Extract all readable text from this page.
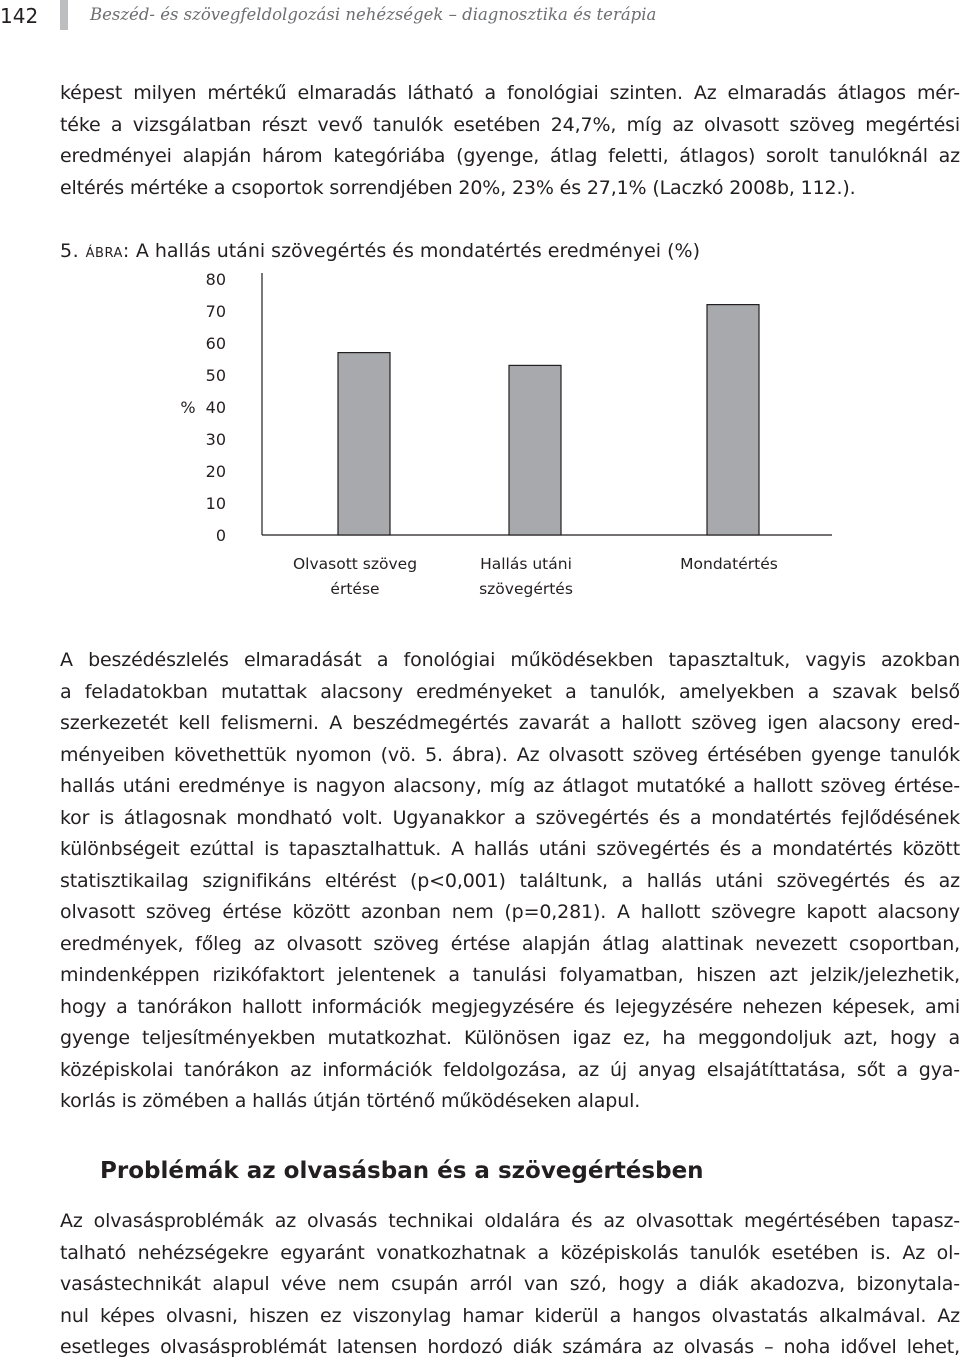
142	Beszéd- és szövegfeldolgozási nehézségek – diagnosztika és terápia
képest milyen mértékű elmaradás látható a fonológiai szinten. Az elmaradás átlagos mér-
téke a vizsgálatban részt vevő tanulók esetében 24,7%, míg az olvasott szöveg megértési
eredményei alapján három kategóriába (gyenge, átlag feletti, átlagos) sorolt tanulóknál az
eltérés mértéke a csoportok sorrendjében 20%, 23% és 27,1% (Laczkó 2008b, 112.).
5. ábra: A hallás utáni szövegértés és mondatértés eredményei (%)
0
10
20
30
40
50
60
70
80
%
Olvasott szöveg
értése
Hallás utáni
szövegértés
Mondatértés
A beszédészlelés elmaradását a fonológiai működésekben tapasztaltuk, vagyis azokban
a feladatokban mutattak alacsony eredményeket a tanulók, amelyekben a szavak belső
szerkezetét kell felismerni. A beszédmegértés zavarát a hallott szöveg igen alacsony ered-
ményeiben követhettük nyomon (vö. 5. ábra). Az olvasott szöveg értésében gyenge tanulók
hallás utáni eredménye is nagyon alacsony, míg az átlagot mutatóké a hallott szöveg értése-
kor is átlagosnak mondható volt. Ugyanakkor a szövegértés és a mondatértés fejlődésének
különbségeit ezúttal is tapasztalhattuk. A hallás utáni szövegértés és a mondatértés között
statisztikailag szignifikáns eltérést (p<0,001) találtunk, a hallás utáni szövegértés és az
olvasott szöveg értése között azonban nem (p=0,281). A hallott szövegre kapott alacsony
eredmények, főleg az olvasott szöveg értése alapján átlag alattinak nevezett csoportban,
mindenképpen rizikófaktort jelentenek a tanulási folyamatban, hiszen azt jelzik/jelezhetik,
hogy a tanórákon hallott információk megjegyzésére és lejegyzésére nehezen képesek, ami
gyenge teljesítményekben mutatkozhat. Különösen igaz ez, ha meggondoljuk azt, hogy a
középiskolai tanórákon az információk feldolgozása, az új anyag elsajátíttatása, sőt a gya-
korlás is zömében a hallás útján történő működéseken alapul.
Problémák az olvasásban és a szövegértésben
Az olvasásproblémák az olvasás technikai oldalára és az olvasottak megértésében tapasz-
talható nehézségekre egyaránt vonatkozhatnak a középiskolás tanulók esetében is. Az ol-
vasástechnikát alapul véve nem csupán arról van szó, hogy a diák akadozva, bizonytala-
nul képes olvasni, hiszen ez viszonylag hamar kiderül a hangos olvastatás alkalmával. Az
esetleges olvasásproblémát latensen hordozó diák számára az olvasás – noha idővel lehet,
